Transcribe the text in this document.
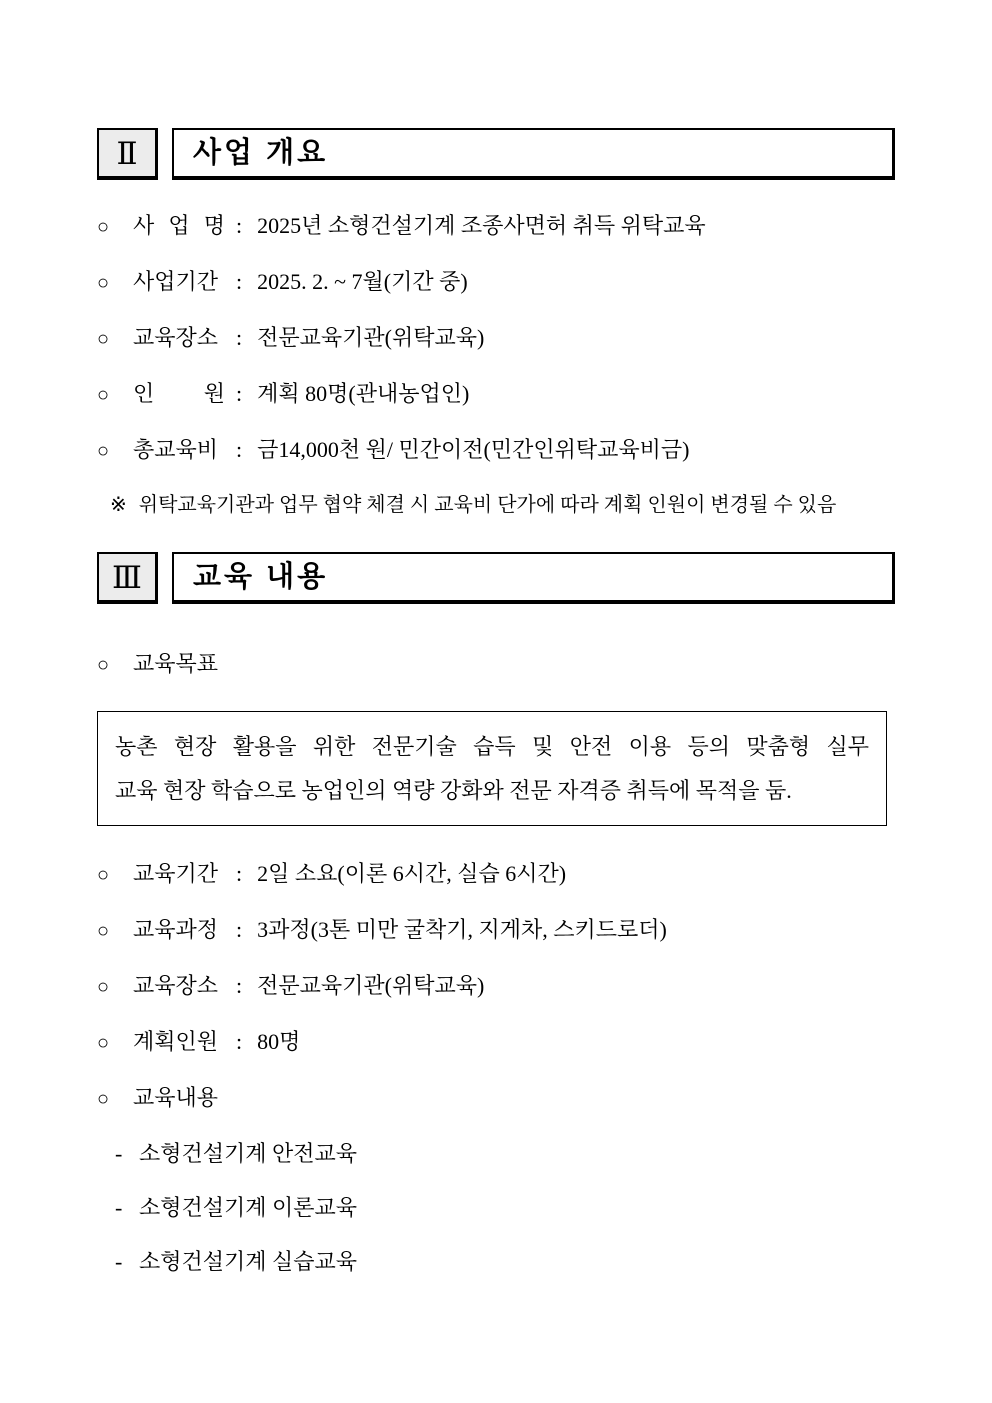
Ⅱ 사업 개요
○ 사 업 명 : 2025년 소형건설기계 조종사면허 취득 위탁교육
○ 사업기간 : 2025. 2. ~ 7월(기간 중)
○ 교육장소 : 전문교육기관(위탁교육)
○ 인 원 : 계획 80명(관내농업인)
○ 총교육비 : 금14,000천 원/ 민간이전(민간인위탁교육비금)
※ 위탁교육기관과 업무 협약 체결 시 교육비 단가에 따라 계획 인원이 변경될 수 있음
Ⅲ 교육 내용
○ 교육목표
농촌 현장 활용을 위한 전문기술 습득 및 안전 이용 등의 맞춤형 실무
교육 현장 학습으로 농업인의 역량 강화와 전문 자격증 취득에 목적을 둠.
○ 교육기간 : 2일 소요(이론 6시간, 실습 6시간)
○ 교육과정 : 3과정(3톤 미만 굴착기, 지게차, 스키드로더)
○ 교육장소 : 전문교육기관(위탁교육)
○ 계획인원 : 80명
○ 교육내용
- 소형건설기계 안전교육
- 소형건설기계 이론교육
- 소형건설기계 실습교육
